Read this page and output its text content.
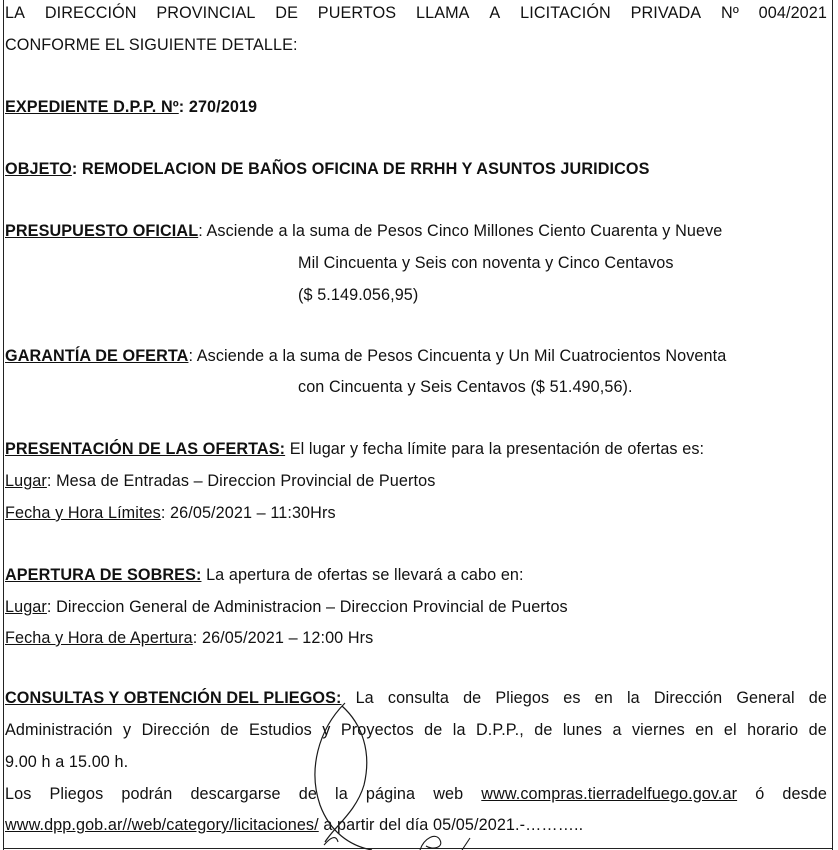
LA DIRECCIÓN PROVINCIAL DE PUERTOS LLAMA A LICITACIÓN PRIVADA Nº 004/2021
CONFORME EL SIGUIENTE DETALLE:
EXPEDIENTE D.P.P. Nº: 270/2019
OBJETO: REMODELACION DE BAÑOS OFICINA DE RRHH Y ASUNTOS JURIDICOS
PRESUPUESTO OFICIAL: Asciende a la suma de Pesos Cinco Millones Ciento Cuarenta y Nueve
Mil Cincuenta y Seis con noventa y Cinco Centavos
($ 5.149.056,95)
GARANTÍA DE OFERTA: Asciende a la suma de Pesos Cincuenta y Un Mil Cuatrocientos Noventa
con Cincuenta y Seis Centavos ($ 51.490,56).
PRESENTACIÓN DE LAS OFERTAS: El lugar y fecha límite para la presentación de ofertas es:
Lugar: Mesa de Entradas – Direccion Provincial de Puertos
Fecha y Hora Límites: 26/05/2021 – 11:30Hrs
APERTURA DE SOBRES: La apertura de ofertas se llevará a cabo en:
Lugar: Direccion General de Administracion – Direccion Provincial de Puertos
Fecha y Hora de Apertura: 26/05/2021 – 12:00 Hrs
CONSULTAS Y OBTENCIÓN DEL PLIEGOS: La consulta de Pliegos es en la Dirección General de
Administración y Dirección de Estudios y Proyectos de la D.P.P., de lunes a viernes en el horario de
9.00 h a 15.00 h.
Los Pliegos podrán descargarse de la página web www.compras.tierradelfuego.gov.ar ó desde
www.dpp.gob.ar//web/category/licitaciones/ a partir del día 05/05/2021.-………..
